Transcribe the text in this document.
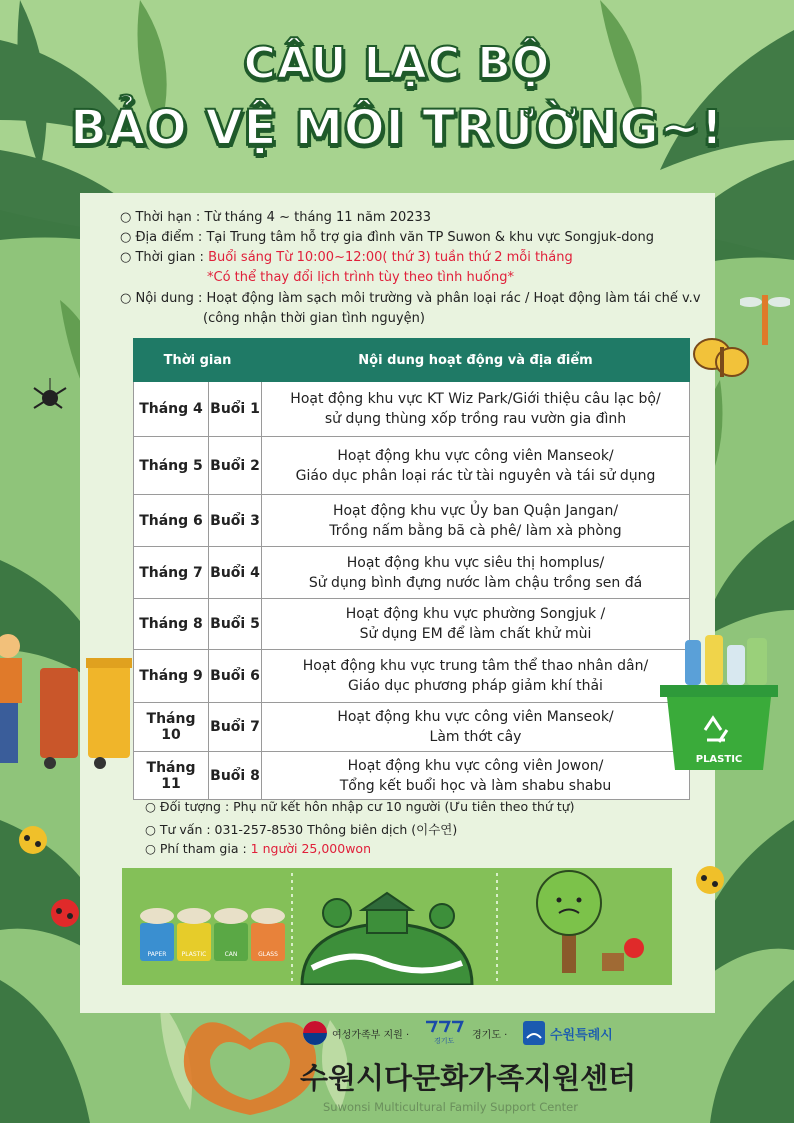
CÂU LẠC BỘ
BẢO VỆ MÔI TRƯỜNG~!
○ Thời hạn : Từ tháng 4 ~ tháng 11 năm 20233
○ Địa điểm : Tại Trung tâm hỗ trợ gia đình văn TP Suwon & khu vực Songjuk-dong
○ Thời gian : Buổi sáng Từ 10:00~12:00( thứ 3) tuần thứ 2 mỗi tháng
*Có thể thay đổi lịch trình tùy theo tình huống*
○ Nội dung : Hoạt động làm sạch môi trường và phân loại rác / Hoạt động làm tái chế v.v
(công nhận thời gian tình nguyện)
Thời gian		Nội dung hoạt động và địa điểm
Tháng 4	Buổi 1	Hoạt động khu vực KT Wiz Park/Giới thiệu câu lạc bộ/
sử dụng thùng xốp trồng rau vườn gia đình

Tháng 5	Buổi 2	Hoạt động khu vực công viên Manseok/
Giáo dục phân loại rác từ tài nguyên và tái sử dụng

Tháng 6	Buổi 3	Hoạt động khu vực Ủy ban Quận Jangan/
Trồng nấm bằng bã cà phê/ làm xà phòng

Tháng 7	Buổi 4	Hoạt động khu vực siêu thị homplus/
Sử dụng bình đựng nước làm chậu trồng sen đá

Tháng 8	Buổi 5	Hoạt động khu vực phường Songjuk /
Sử dụng EM để làm chất khử mùi

Tháng 9	Buổi 6	Hoạt động khu vực trung tâm thể thao nhân dân/
Giáo dục phương pháp giảm khí thải

Tháng 10	Buổi 7	Hoạt động khu vực công viên Manseok/
Làm thớt cây

Tháng 11	Buổi 8	Hoạt động khu vực công viên Jowon/
Tổng kết buổi học và làm shabu shabu
○ Đối tượng : Phụ nữ kết hôn nhập cư 10 người (Ưu tiên theo thứ tự)
○ Tư vấn : 031-257-8530 Thông biên dịch (이수연)
○ Phí tham gia : 1 người 25,000won
PAPER	PLASTIC	CAN	GLASS
PLASTIC
여성가족부 지원 ·	경기도 경기도 ·	수원특례시
수원시다문화가족지원센터
Suwonsi Multicultural Family Support Center
